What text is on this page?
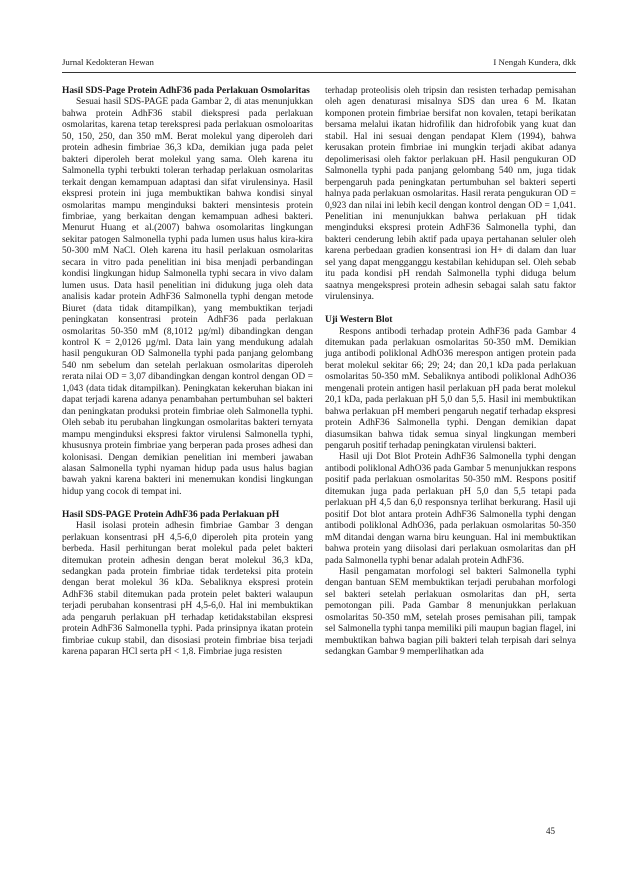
Jurnal Kedokteran Hewan	I Nengah Kundera, dkk
Hasil SDS-Page Protein AdhF36 pada Perlakuan Osmolaritas

Sesuai hasil SDS-PAGE pada Gambar 2, di atas menunjukkan bahwa protein AdhF36 stabil diekspresi pada perlakuan osmolaritas, karena tetap terekspresi pada perlakuan osmoloaritas 50, 150, 250, dan 350 mM. Berat molekul yang diperoleh dari protein adhesin fimbriae 36,3 kDa, demikian juga pada pelet bakteri diperoleh berat molekul yang sama. Oleh karena itu Salmonella typhi terbukti toleran terhadap perlakuan osmolaritas terkait dengan kemampuan adaptasi dan sifat virulensinya. Hasil ekspresi protein ini juga membuktikan bahwa kondisi sinyal osmolaritas mampu menginduksi bakteri mensintesis protein fimbriae, yang berkaitan dengan kemampuan adhesi bakteri. Menurut Huang et al.(2007) bahwa osomolaritas lingkungan sekitar patogen Salmonella typhi pada lumen usus halus kira-kira 50-300 mM NaCl. Oleh karena itu hasil perlakuan osmolaritas secara in vitro pada penelitian ini bisa menjadi perbandingan kondisi lingkungan hidup Salmonella typhi secara in vivo dalam lumen usus. Data hasil penelitian ini didukung juga oleh data analisis kadar protein AdhF36 Salmonella typhi dengan metode Biuret (data tidak ditampilkan), yang membuktikan terjadi peningkatan konsentrasi protein AdhF36 pada perlakuan osmolaritas 50-350 mM (8,1012 µg/ml) dibandingkan dengan kontrol K = 2,0126 µg/ml. Data lain yang mendukung adalah hasil pengukuran OD Salmonella typhi pada panjang gelombang 540 nm sebelum dan setelah perlakuan osmolaritas diperoleh rerata nilai OD = 3,07 dibandingkan dengan kontrol dengan OD = 1,043 (data tidak ditampilkan). Peningkatan kekeruhan biakan ini dapat terjadi karena adanya penambahan pertumbuhan sel bakteri dan peningkatan produksi protein fimbriae oleh Salmonella typhi. Oleh sebab itu perubahan lingkungan osmolaritas bakteri ternyata mampu menginduksi ekspresi faktor virulensi Salmonella typhi, khususnya protein fimbriae yang berperan pada proses adhesi dan kolonisasi. Dengan demikian penelitian ini memberi jawaban alasan Salmonella typhi nyaman hidup pada usus halus bagian bawah yakni karena bakteri ini menemukan kondisi lingkungan hidup yang cocok di tempat ini.

Hasil SDS-PAGE Protein AdhF36 pada Perlakuan pH

Hasil isolasi protein adhesin fimbriae Gambar 3 dengan perlakuan konsentrasi pH 4,5-6,0 diperoleh pita protein yang berbeda. Hasil perhitungan berat molekul pada pelet bakteri ditemukan protein adhesin dengan berat molekul 36,3 kDa, sedangkan pada protein fimbriae tidak terdeteksi pita protein dengan berat molekul 36 kDa. Sebaliknya ekspresi protein AdhF36 stabil ditemukan pada protein pelet bakteri walaupun terjadi perubahan konsentrasi pH 4,5-6,0. Hal ini membuktikan ada pengaruh perlakuan pH terhadap ketidakstabilan ekspresi protein AdhF36 Salmonella typhi. Pada prinsipnya ikatan protein fimbriae cukup stabil, dan disosiasi protein fimbriae bisa terjadi karena paparan HCl serta pH < 1,8. Fimbriae juga resisten

terhadap proteolisis oleh tripsin dan resisten terhadap pemisahan oleh agen denaturasi misalnya SDS dan urea 6 M. Ikatan komponen protein fimbriae bersifat non kovalen, tetapi berikatan bersama melalui ikatan hidrofilik dan hidrofobik yang kuat dan stabil. Hal ini sesuai dengan pendapat Klem (1994), bahwa kerusakan protein fimbriae ini mungkin terjadi akibat adanya depolimerisasi oleh faktor perlakuan pH. Hasil pengukuran OD Salmonella typhi pada panjang gelombang 540 nm, juga tidak berpengaruh pada peningkatan pertumbuhan sel bakteri seperti halnya pada perlakuan osmolaritas. Hasil rerata pengukuran OD = 0,923 dan nilai ini lebih kecil dengan kontrol dengan OD = 1,041. Penelitian ini menunjukkan bahwa perlakuan pH tidak menginduksi ekspresi protein AdhF36 Salmonella typhi, dan bakteri cenderung lebih aktif pada upaya pertahanan seluler oleh karena perbedaan gradien konsentrasi ion H+ di dalam dan luar sel yang dapat mengganggu kestabilan kehidupan sel. Oleh sebab itu pada kondisi pH rendah Salmonella typhi diduga belum saatnya mengekspresi protein adhesin sebagai salah satu faktor virulensinya.

Uji Western Blot

Respons antibodi terhadap protein AdhF36 pada Gambar 4 ditemukan pada perlakuan osmolaritas 50-350 mM. Demikian juga antibodi poliklonal AdhO36 merespon antigen protein pada berat molekul sekitar 66; 29; 24; dan 20,1 kDa pada perlakuan osmolaritas 50-350 mM. Sebaliknya antibodi poliklonal AdhO36 mengenali protein antigen hasil perlakuan pH pada berat molekul 20,1 kDa, pada perlakuan pH 5,0 dan 5,5. Hasil ini membuktikan bahwa perlakuan pH memberi pengaruh negatif terhadap ekspresi protein AdhF36 Salmonella typhi. Dengan demikian dapat diasumsikan bahwa tidak semua sinyal lingkungan memberi pengaruh positif terhadap peningkatan virulensi bakteri.

Hasil uji Dot Blot Protein AdhF36 Salmonella typhi dengan antibodi poliklonal AdhO36 pada Gambar 5 menunjukkan respons positif pada perlakuan osmolaritas 50-350 mM. Respons positif ditemukan juga pada perlakuan pH 5,0 dan 5,5 tetapi pada perlakuan pH 4,5 dan 6,0 responsnya terlihat berkurang. Hasil uji positif Dot blot antara protein AdhF36 Salmonella typhi dengan antibodi poliklonal AdhO36, pada perlakuan osmolaritas 50-350 mM ditandai dengan warna biru keunguan. Hal ini membuktikan bahwa protein yang diisolasi dari perlakuan osmolaritas dan pH pada Salmonella typhi benar adalah protein AdhF36.

Hasil pengamatan morfologi sel bakteri Salmonella typhi dengan bantuan SEM membuktikan terjadi perubahan morfologi sel bakteri setelah perlakuan osmolaritas dan pH, serta pemotongan pili. Pada Gambar 8 menunjukkan perlakuan osmolaritas 50-350 mM, setelah proses pemisahan pili, tampak sel Salmonella typhi tanpa memiliki pili maupun bagian flagel, ini membuktikan bahwa bagian pili bakteri telah terpisah dari selnya sedangkan Gambar 9 memperlihatkan ada

45
